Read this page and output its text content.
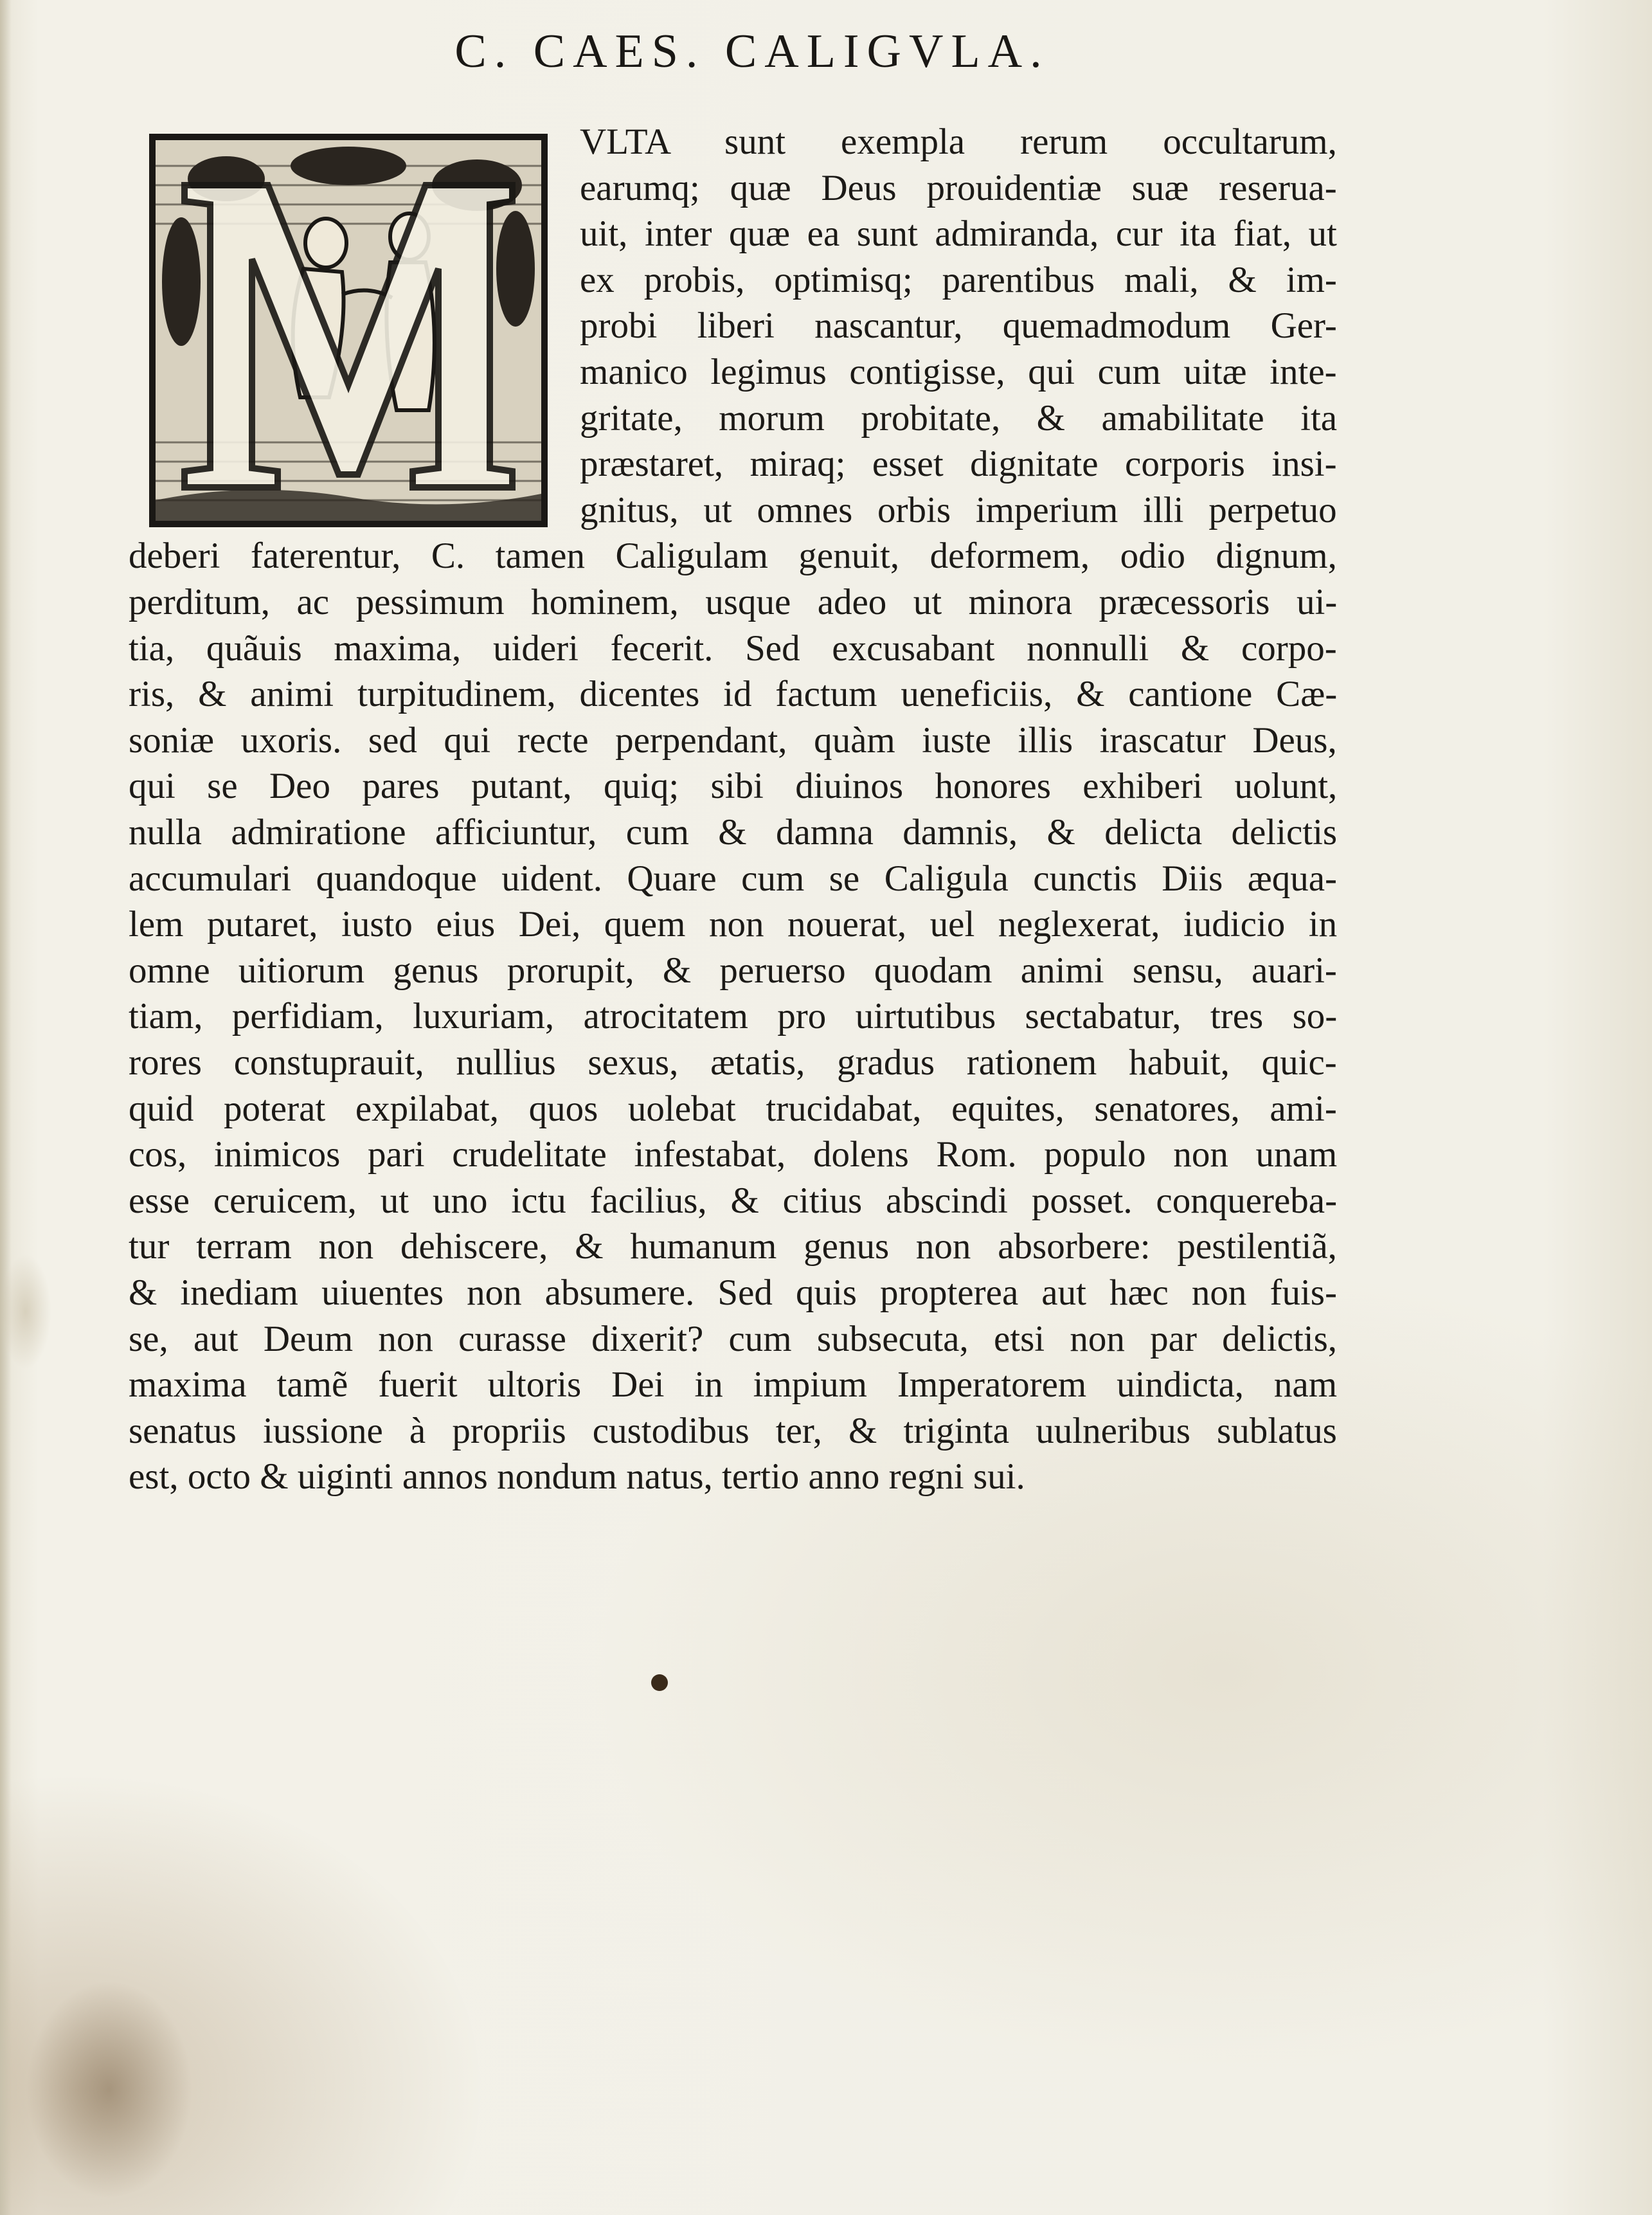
C. CAES. CALIGVLA.
VLTA sunt exempla rerum occultarum,
earumq; quæ Deus prouidentiæ suæ reserua-
uit, inter quæ ea sunt admiranda, cur ita fiat, ut
ex probis, optimisq; parentibus mali, & im-
probi liberi nascantur, quemadmodum Ger-
manico legimus contigisse, qui cum uitæ inte-
gritate, morum probitate, & amabilitate ita
præstaret, miraq; esset dignitate corporis insi-
gnitus, ut omnes orbis imperium illi perpetuo
deberi faterentur, C. tamen Caligulam genuit, deformem, odio dignum,
perditum, ac pessimum hominem, usque adeo ut minora præcessoris ui-
tia, quãuis maxima, uideri fecerit. Sed excusabant nonnulli & corpo-
ris, & animi turpitudinem, dicentes id factum ueneficiis, & cantione Cæ-
soniæ uxoris. sed qui recte perpendant, quàm iuste illis irascatur Deus,
qui se Deo pares putant, quiq; sibi diuinos honores exhiberi uolunt,
nulla admiratione afficiuntur, cum & damna damnis, & delicta delictis
accumulari quandoque uident. Quare cum se Caligula cunctis Diis æqua-
lem putaret, iusto eius Dei, quem non nouerat, uel neglexerat, iudicio in
omne uitiorum genus prorupit, & peruerso quodam animi sensu, auari-
tiam, perfidiam, luxuriam, atrocitatem pro uirtutibus sectabatur, tres so-
rores constuprauit, nullius sexus, ætatis, gradus rationem habuit, quic-
quid poterat expilabat, quos uolebat trucidabat, equites, senatores, ami-
cos, inimicos pari crudelitate infestabat, dolens Rom. populo non unam
esse ceruicem, ut uno ictu facilius, & citius abscindi posset. conquereba-
tur terram non dehiscere, & humanum genus non absorbere: pestilentiã,
& inediam uiuentes non absumere. Sed quis propterea aut hæc non fuis-
se, aut Deum non curasse dixerit? cum subsecuta, etsi non par delictis,
maxima tamẽ fuerit ultoris Dei in impium Imperatorem uindicta, nam
senatus iussione à propriis custodibus ter, & triginta uulneribus sublatus
est, octo & uiginti annos nondum natus, tertio anno regni sui.
